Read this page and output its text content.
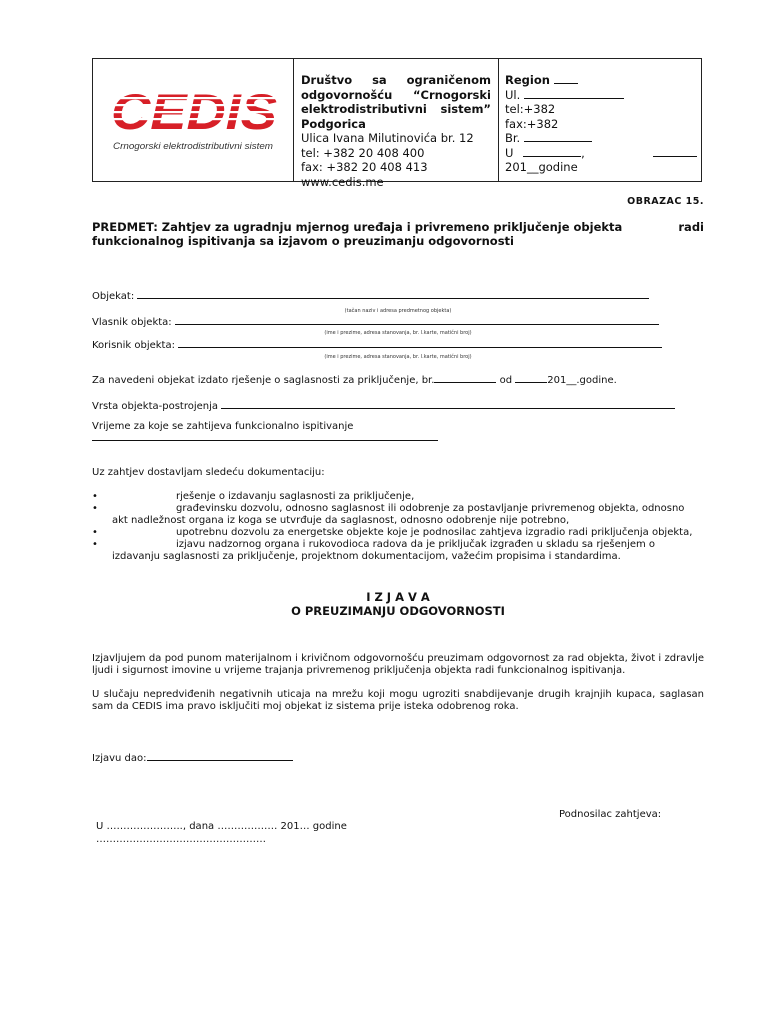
Crnogorski elektrodistributivni sistem
Društvo sa ograničenom
odgovornošću “Crnogorski
elektrodistributivni sistem”
Podgorica
Ulica Ivana Milutinovića br. 12
tel: +382 20 408 400
fax: +382 20 408 413
www.cedis.me
Region
Ul.
tel:+382
fax:+382
Br.
U	,
201__godine
OBRAZAC 15.
PREDMET: Zahtjev za ugradnju mjernog uređaja i privremeno priključenje objekta	radi
funkcionalnog ispitivanja sa izjavom o preuzimanju odgovornosti
Objekat:
(tačan naziv i adresa predmetnog objekta)
Vlasnik objekta:
(ime i prezime, adresa stanovanja, br. l.karte, matični broj)
Korisnik objekta:
(ime i prezime, adresa stanovanja, br. l.karte, matični broj)
Za navedeni objekat izdato rješenje o saglasnosti za priključenje, br.	od	201__.godine.
Vrsta objekta-postrojenja
Vrijeme za koje se zahtijeva funkcionalno ispitivanje
Uz zahtjev dostavljam sledeću dokumentaciju:
•	rješenje o izdavanju saglasnosti za priključenje,
•	građevinsku dozvolu, odnosno saglasnost ili odobrenje za postavljanje privremenog objekta, odnosno
akt nadležnost organa iz koga se utvrđuje da saglasnost, odnosno odobrenje nije potrebno,
•	upotrebnu dozvolu za energetske objekte koje je podnosilac zahtjeva izgradio radi priključenja objekta,
•	izjavu nadzornog organa i rukovodioca radova da je priključak izgrađen u skladu sa rješenjem o
izdavanju saglasnosti za priključenje, projektnom dokumentacijom, važećim propisima i standardima.
I Z J A V A
O PREUZIMANJU ODGOVORNOSTI
Izjavljujem da pod punom materijalnom i krivičnom odgovornošću preuzimam odgovornost za rad objekta, život i zdravlje ljudi i sigurnost imovine u vrijeme trajanja privremenog priključenja objekta radi funkcionalnog ispitivanja.
U slučaju nepredviđenih negativnih uticaja na mrežu koji mogu ugroziti snabdijevanje drugih krajnjih kupaca, saglasan sam da CEDIS ima pravo isključiti moj objekat iz sistema prije isteka odobrenog roka.
Izjavu dao:
Podnosilac zahtjeva:
U ………………….., dana ……………… 201… godine
……………………………………………
